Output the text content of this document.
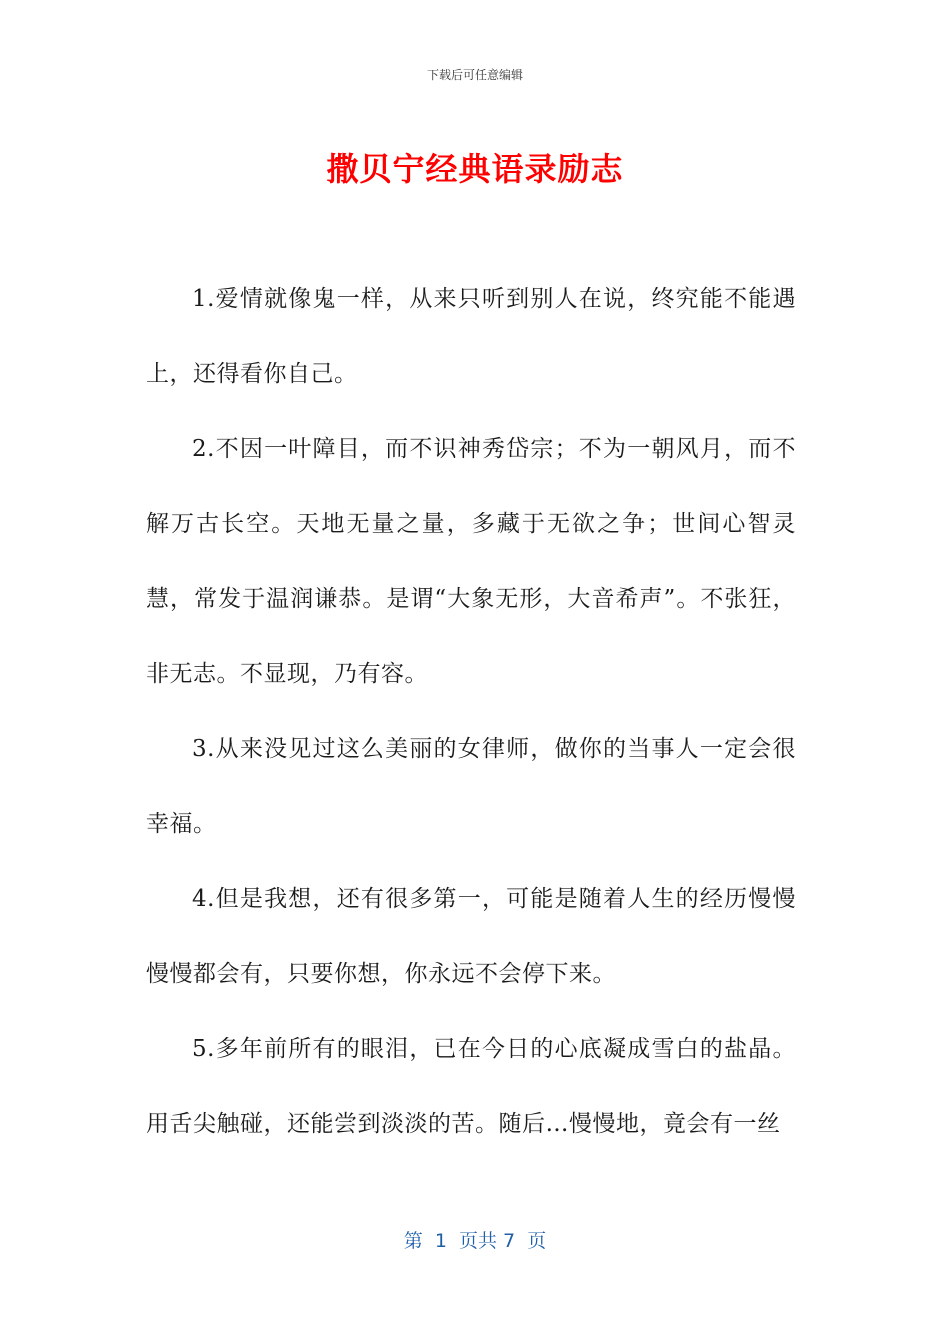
下载后可任意编辑
撒贝宁经典语录励志

1.爱情就像鬼一样，从来只听到别人在说，终究能不能遇上，还得看你自己。

2.不因一叶障目，而不识神秀岱宗；不为一朝风月，而不解万古长空。天地无量之量，多藏于无欲之争；世间心智灵慧，常发于温润谦恭。是谓“大象无形，大音希声”。不张狂，非无志。不显现，乃有容。

3.从来没见过这么美丽的女律师，做你的当事人一定会很幸福。

4.但是我想，还有很多第一，可能是随着人生的经历慢慢慢慢都会有，只要你想，你永远不会停下来。

5.多年前所有的眼泪，已在今日的心底凝成雪白的盐晶。用舌尖触碰，还能尝到淡淡的苦。随后…慢慢地，竟会有一丝

第  1  页共 7  页
